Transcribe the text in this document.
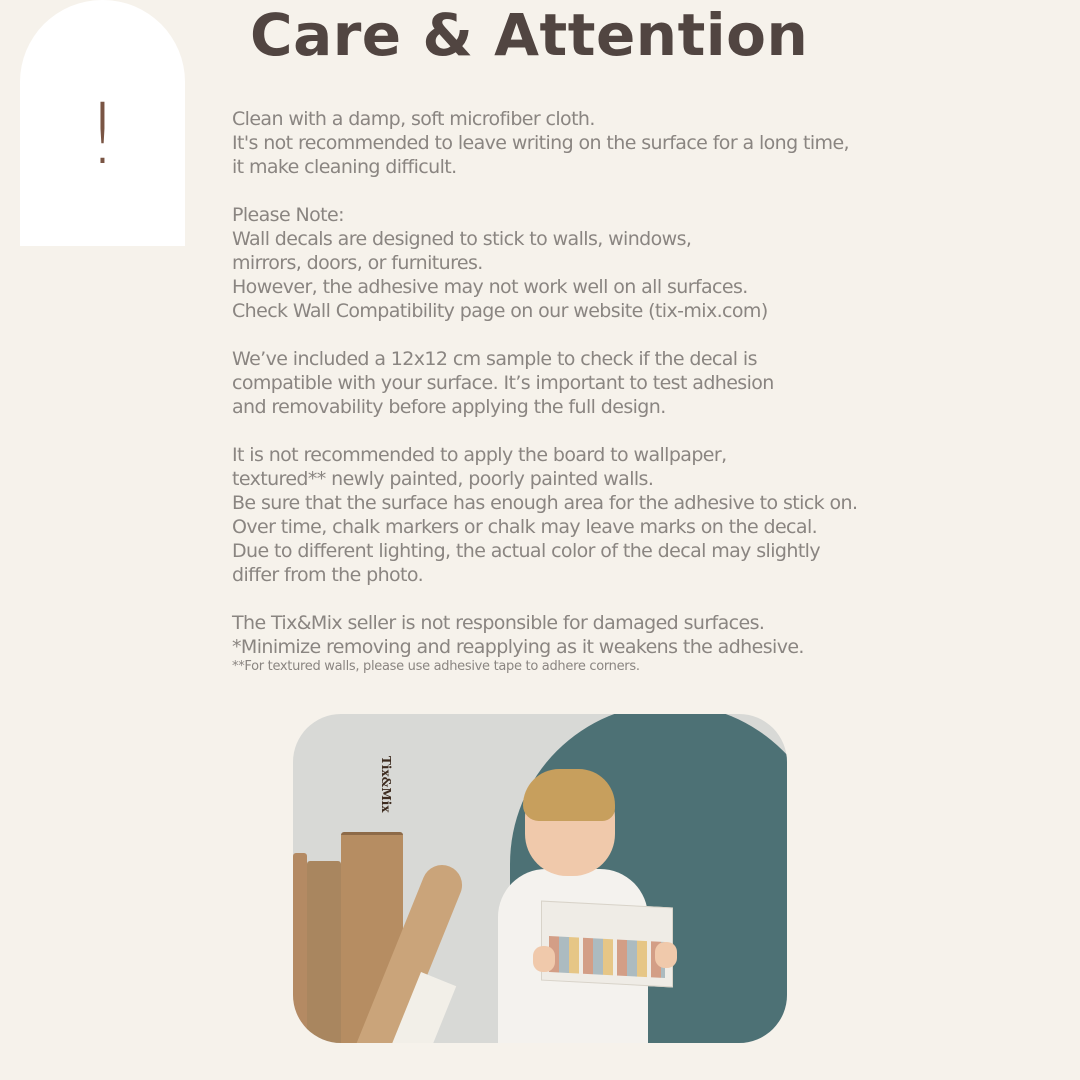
!
Care & Attention

Clean with a damp, soft microfiber cloth.
It's not recommended to leave writing on the surface for a long time,
it make cleaning difficult.

Please Note:
Wall decals are designed to stick to walls, windows,
mirrors, doors, or furnitures.
However, the adhesive may not work well on all surfaces.
Check Wall Compatibility page on our website (tix-mix.com)

We’ve included a 12x12 cm sample to check if the decal is
compatible with your surface. It’s important to test adhesion
and removability before applying the full design.

It is not recommended to apply the board to wallpaper,
textured** newly painted, poorly painted walls.
Be sure that the surface has enough area for the adhesive to stick on.
Over time, chalk markers or chalk may leave marks on the decal.
Due to different lighting, the actual color of the decal may slightly
differ from the photo.

The Tix&Mix seller is not responsible for damaged surfaces.
*Minimize removing and reapplying as it weakens the adhesive.
**For textured walls, please use adhesive tape to adhere corners.

Tix&Mix
